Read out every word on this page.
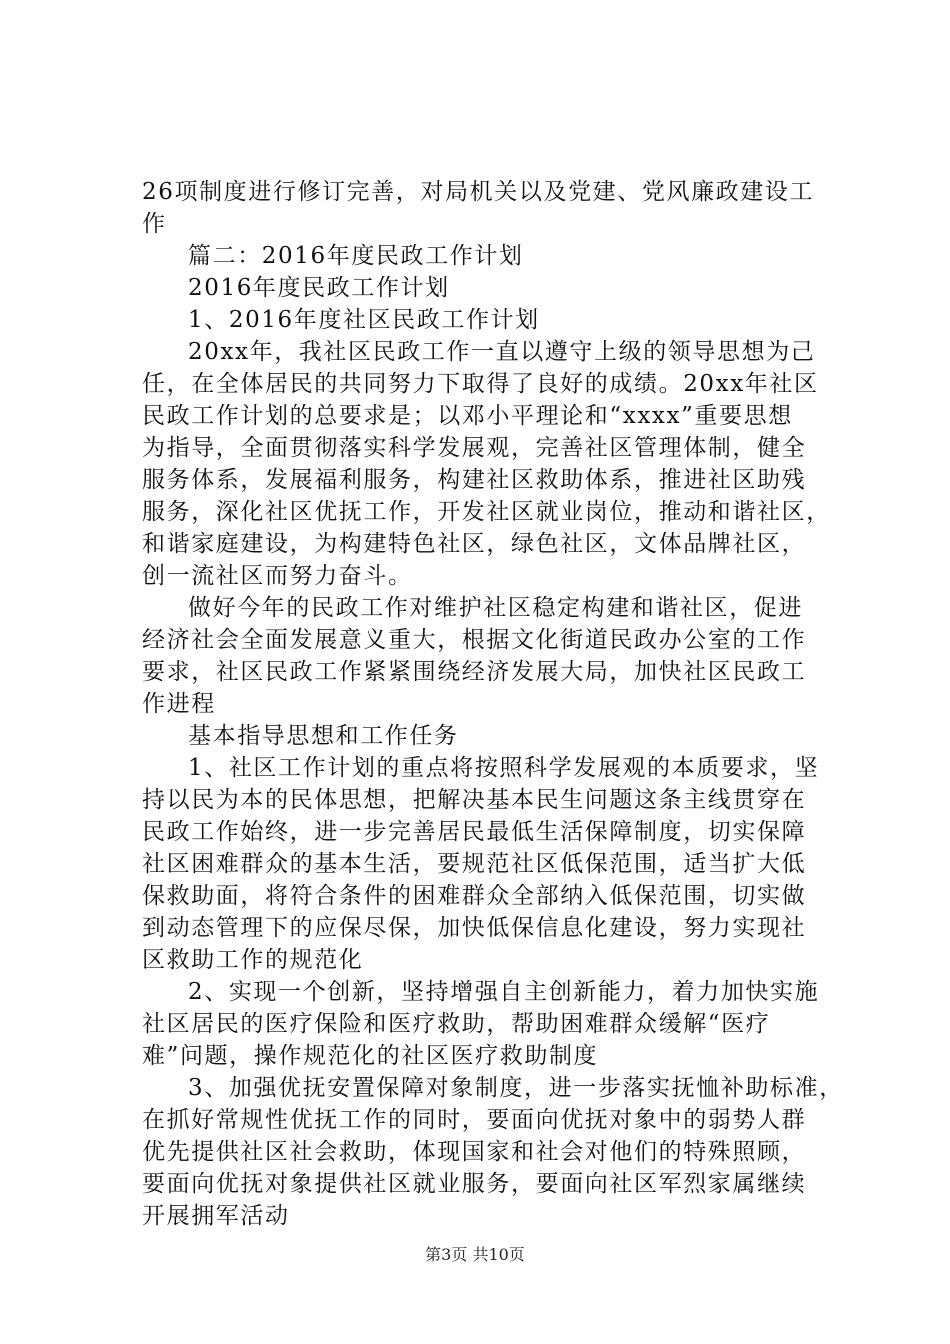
26项制度进行修订完善，对局机关以及党建、党风廉政建设工
作
篇二：2016年度民政工作计划
2016年度民政工作计划
1、2016年度社区民政工作计划
20xx年，我社区民政工作一直以遵守上级的领导思想为己
任，在全体居民的共同努力下取得了良好的成绩。20xx年社区
民政工作计划的总要求是；以邓小平理论和“xxxx”重要思想
为指导，全面贯彻落实科学发展观，完善社区管理体制，健全
服务体系，发展福利服务，构建社区救助体系，推进社区助残
服务，深化社区优抚工作，开发社区就业岗位，推动和谐社区，
和谐家庭建设，为构建特色社区，绿色社区，文体品牌社区，
创一流社区而努力奋斗。
做好今年的民政工作对维护社区稳定构建和谐社区，促进
经济社会全面发展意义重大，根据文化街道民政办公室的工作
要求，社区民政工作紧紧围绕经济发展大局，加快社区民政工
作进程
基本指导思想和工作任务
1、社区工作计划的重点将按照科学发展观的本质要求，坚
持以民为本的民体思想，把解决基本民生问题这条主线贯穿在
民政工作始终，进一步完善居民最低生活保障制度，切实保障
社区困难群众的基本生活，要规范社区低保范围，适当扩大低
保救助面，将符合条件的困难群众全部纳入低保范围，切实做
到动态管理下的应保尽保，加快低保信息化建设，努力实现社
区救助工作的规范化
2、实现一个创新，坚持增强自主创新能力，着力加快实施
社区居民的医疗保险和医疗救助，帮助困难群众缓解“医疗
难”问题，操作规范化的社区医疗救助制度
3、加强优抚安置保障对象制度，进一步落实抚恤补助标准，
在抓好常规性优抚工作的同时，要面向优抚对象中的弱势人群
优先提供社区社会救助，体现国家和社会对他们的特殊照顾，
要面向优抚对象提供社区就业服务，要面向社区军烈家属继续
开展拥军活动
第3页 共10页
